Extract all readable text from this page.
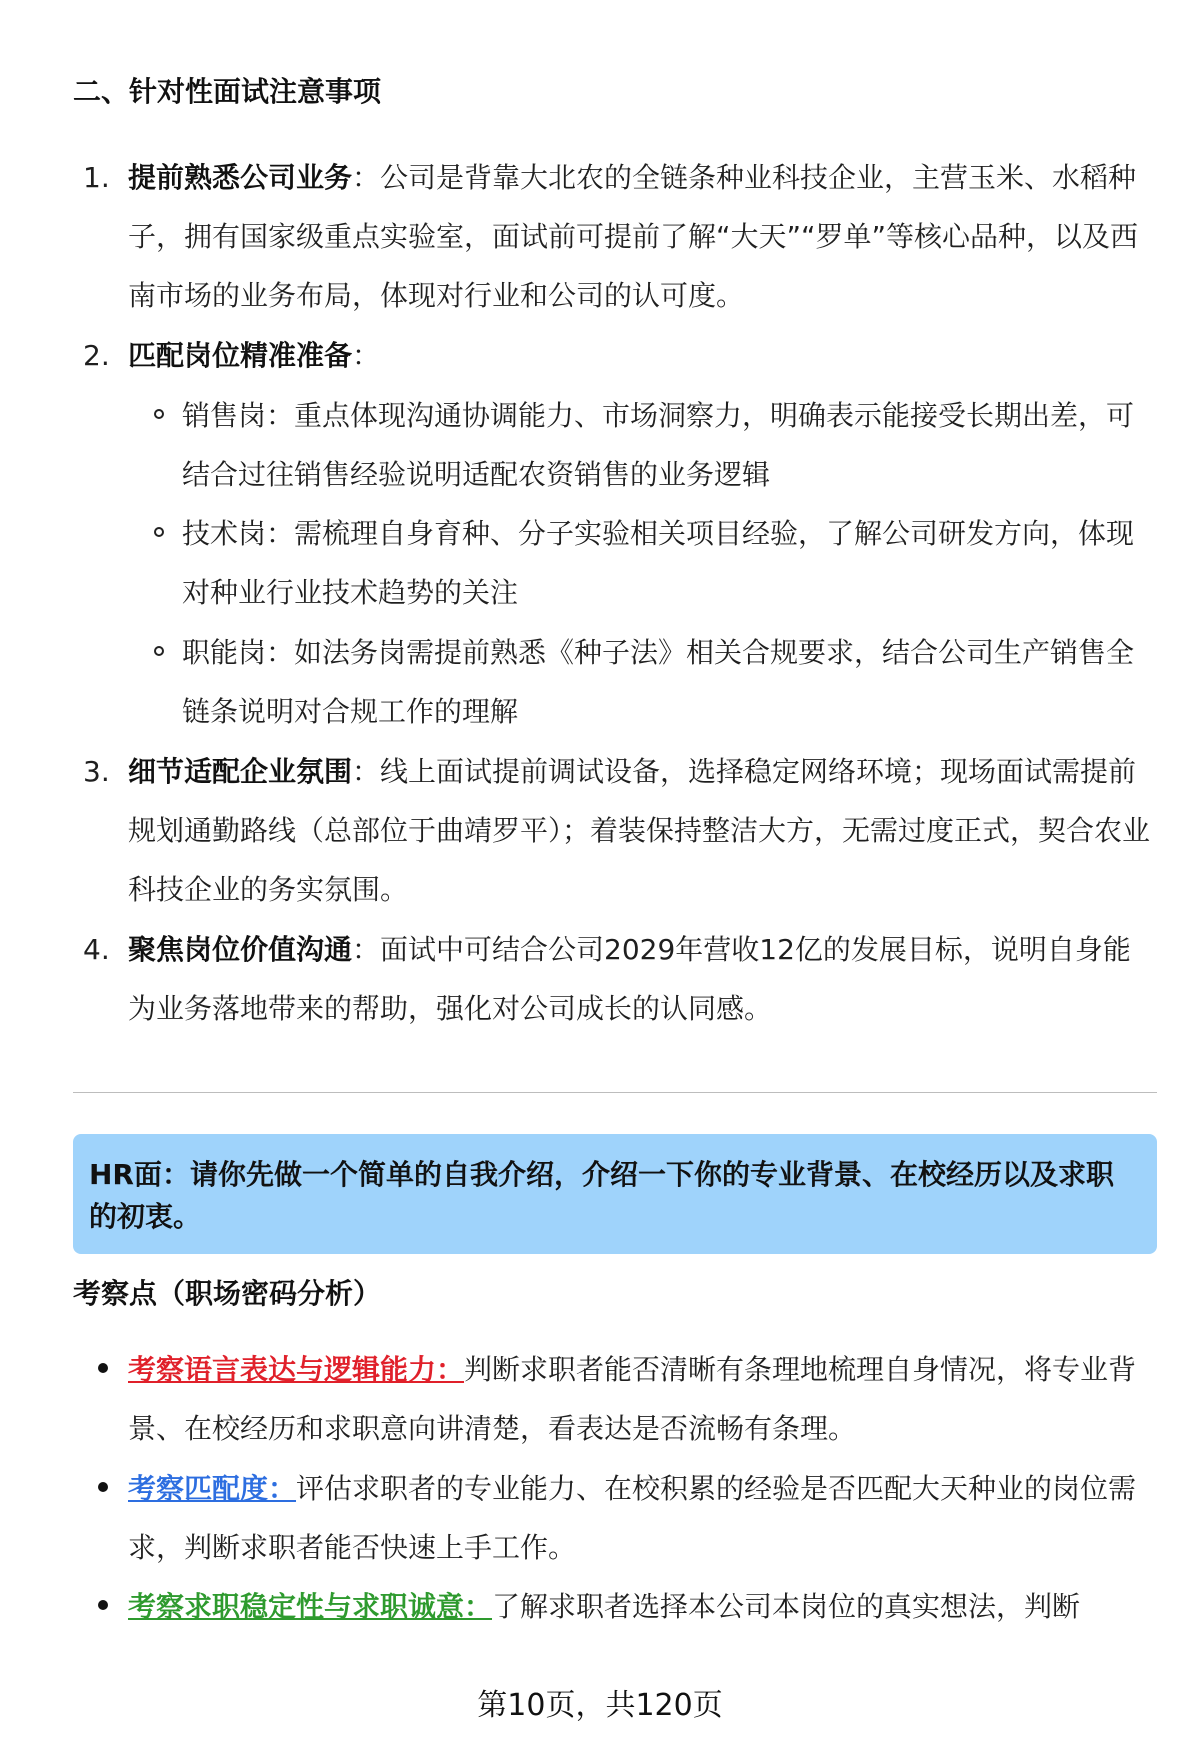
二、针对性面试注意事项
1. 提前熟悉公司业务：公司是背靠大北农的全链条种业科技企业，主营玉米、水稻种子，拥有国家级重点实验室，面试前可提前了解“大天”“罗单”等核心品种，以及西南市场的业务布局，体现对行业和公司的认可度。
2. 匹配岗位精准准备：
销售岗：重点体现沟通协调能力、市场洞察力，明确表示能接受长期出差，可结合过往销售经验说明适配农资销售的业务逻辑
技术岗：需梳理自身育种、分子实验相关项目经验，了解公司研发方向，体现对种业行业技术趋势的关注
职能岗：如法务岗需提前熟悉《种子法》相关合规要求，结合公司生产销售全链条说明对合规工作的理解
3. 细节适配企业氛围：线上面试提前调试设备，选择稳定网络环境；现场面试需提前规划通勤路线（总部位于曲靖罗平）；着装保持整洁大方，无需过度正式，契合农业科技企业的务实氛围。
4. 聚焦岗位价值沟通：面试中可结合公司2029年营收12亿的发展目标，说明自身能为业务落地带来的帮助，强化对公司成长的认同感。
HR面：请你先做一个简单的自我介绍，介绍一下你的专业背景、在校经历以及求职的初衷。
考察点（职场密码分析）
考察语言表达与逻辑能力：判断求职者能否清晰有条理地梳理自身情况，将专业背景、在校经历和求职意向讲清楚，看表达是否流畅有条理。
考察匹配度：评估求职者的专业能力、在校积累的经验是否匹配大天种业的岗位需求，判断求职者能否快速上手工作。
考察求职稳定性与求职诚意：了解求职者选择本公司本岗位的真实想法，判断
第10页，共120页
